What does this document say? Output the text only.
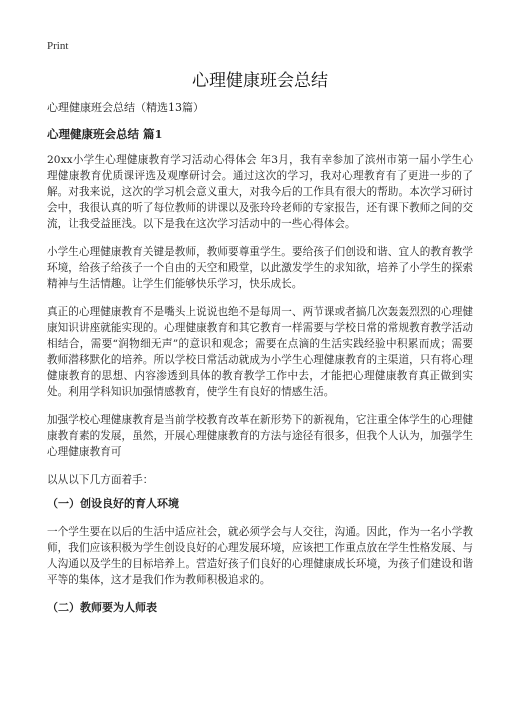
Print
心理健康班会总结

心理健康班会总结（精选13篇）

心理健康班会总结 篇1

20xx小学生心理健康教育学习活动心得体会 年3月，我有幸参加了滨州市第一届小学生心理健康教育优质课评选及观摩研讨会。通过这次的学习，我对心理教育有了更进一步的了解。对我来说，这次的学习机会意义重大，对我今后的工作具有很大的帮助。本次学习研讨会中，我很认真的听了每位教师的讲课以及张玲玲老师的专家报告，还有课下教师之间的交流，让我受益匪浅。以下是我在这次学习活动中的一些心得体会。

小学生心理健康教育关键是教师，教师要尊重学生。要给孩子们创设和谐、宜人的教育教学环境，给孩子给孩子一个自由的天空和殿堂，以此激发学生的求知欲，培养了小学生的探索精神与生活情趣。让学生们能够快乐学习，快乐成长。

真正的心理健康教育不是嘴头上说说也绝不是每周一、两节课或者搞几次轰轰烈烈的心理健康知识讲座就能实现的。心理健康教育和其它教育一样需要与学校日常的常规教育教学活动相结合，需要“润物细无声”的意识和观念；需要在点滴的生活实践经验中积累而成；需要教师潜移默化的培养。所以学校日常活动就成为小学生心理健康教育的主渠道，只有将心理健康教育的思想、内容渗透到具体的教育教学工作中去，才能把心理健康教育真正做到实处。利用学科知识加强情感教育，使学生有良好的情感生活。

加强学校心理健康教育是当前学校教育改革在新形势下的新视角，它注重全体学生的心理健康教育素的发展，虽然，开展心理健康教育的方法与途径有很多，但我个人认为，加强学生心理健康教育可

以从以下几方面着手：

（一）创设良好的育人环境

一个学生要在以后的生活中适应社会，就必须学会与人交往，沟通。因此，作为一名小学教师，我们应该积极为学生创设良好的心理发展环境，应该把工作重点放在学生性格发展、与人沟通以及学生的目标培养上。营造好孩子们良好的心理健康成长环境，为孩子们建设和谐平等的集体，这才是我们作为教师积极追求的。

（二）教师要为人师表
